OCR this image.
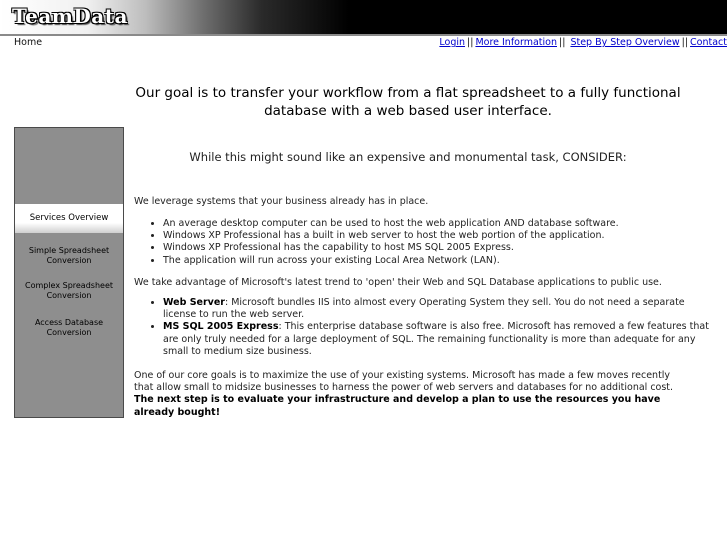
TeamData
Home	Login || More Information || Step By Step Overview || Contact
Our goal is to transfer your workflow from a flat spreadsheet to a fully functional database with a web based user interface.
While this might sound like an expensive and monumental task, CONSIDER:
Services Overview
Simple Spreadsheet Conversion
Complex Spreadsheet Conversion
Access Database Conversion

We leverage systems that your business already has in place.

• An average desktop computer can be used to host the web application AND database software.
• Windows XP Professional has a built in web server to host the web portion of the application.
• Windows XP Professional has the capability to host MS SQL 2005 Express.
• The application will run across your existing Local Area Network (LAN).

We take advantage of Microsoft's latest trend to 'open' their Web and SQL Database applications to public use.

• Web Server: Microsoft bundles IIS into almost every Operating System they sell. You do not need a separate license to run the web server.
• MS SQL 2005 Express: This enterprise database software is also free. Microsoft has removed a few features that are only truly needed for a large deployment of SQL. The remaining functionality is more than adequate for any small to medium size business.

One of our core goals is to maximize the use of your existing systems. Microsoft has made a few moves recently that allow small to midsize businesses to harness the power of web servers and databases for no additional cost. The next step is to evaluate your infrastructure and develop a plan to use the resources you have already bought!
